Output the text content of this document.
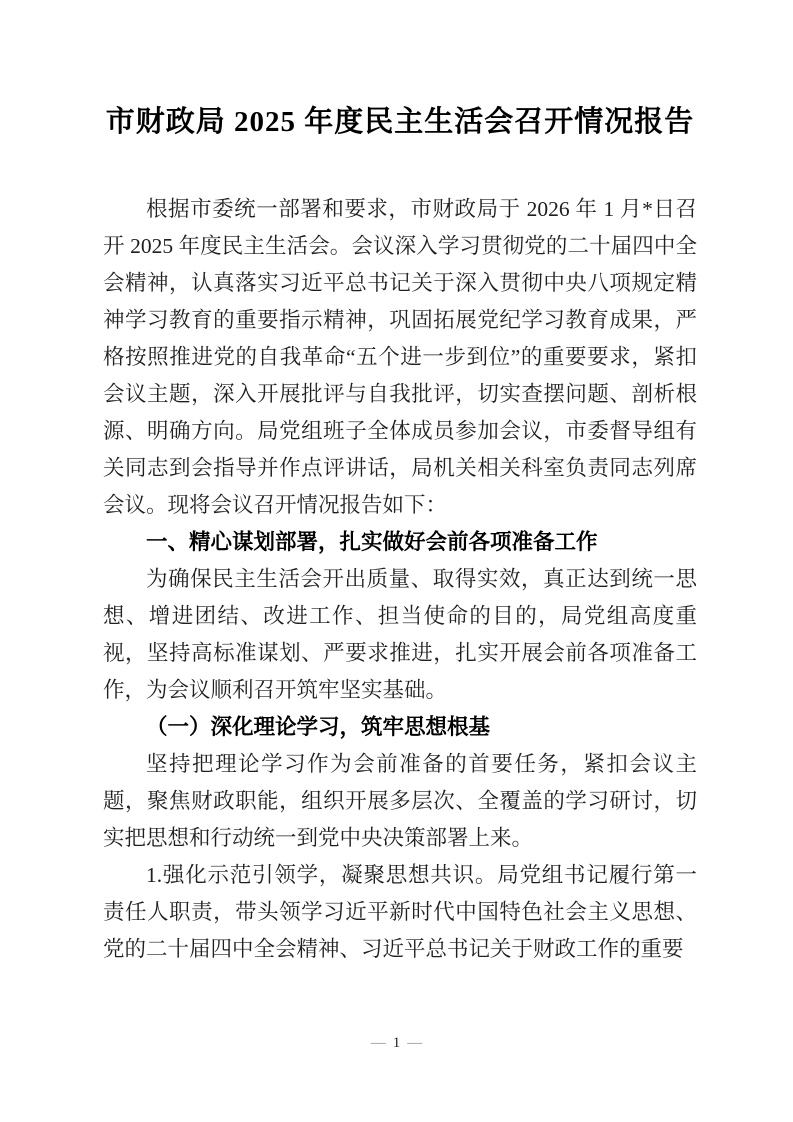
市财政局 2025 年度民主生活会召开情况报告

根据市委统一部署和要求，市财政局于 2026 年 1 月*日召开 2025 年度民主生活会。会议深入学习贯彻党的二十届四中全会精神，认真落实习近平总书记关于深入贯彻中央八项规定精神学习教育的重要指示精神，巩固拓展党纪学习教育成果，严格按照推进党的自我革命“五个进一步到位”的重要要求，紧扣会议主题，深入开展批评与自我批评，切实查摆问题、剖析根源、明确方向。局党组班子全体成员参加会议，市委督导组有关同志到会指导并作点评讲话，局机关相关科室负责同志列席会议。现将会议召开情况报告如下：

一、精心谋划部署，扎实做好会前各项准备工作

为确保民主生活会开出质量、取得实效，真正达到统一思想、增进团结、改进工作、担当使命的目的，局党组高度重视，坚持高标准谋划、严要求推进，扎实开展会前各项准备工作，为会议顺利召开筑牢坚实基础。

（一）深化理论学习，筑牢思想根基

坚持把理论学习作为会前准备的首要任务，紧扣会议主题，聚焦财政职能，组织开展多层次、全覆盖的学习研讨，切实把思想和行动统一到党中央决策部署上来。

1.强化示范引领学，凝聚思想共识。局党组书记履行第一责任人职责，带头领学习近平新时代中国特色社会主义思想、党的二十届四中全会精神、习近平总书记关于财政工作的重要

— 1 —
